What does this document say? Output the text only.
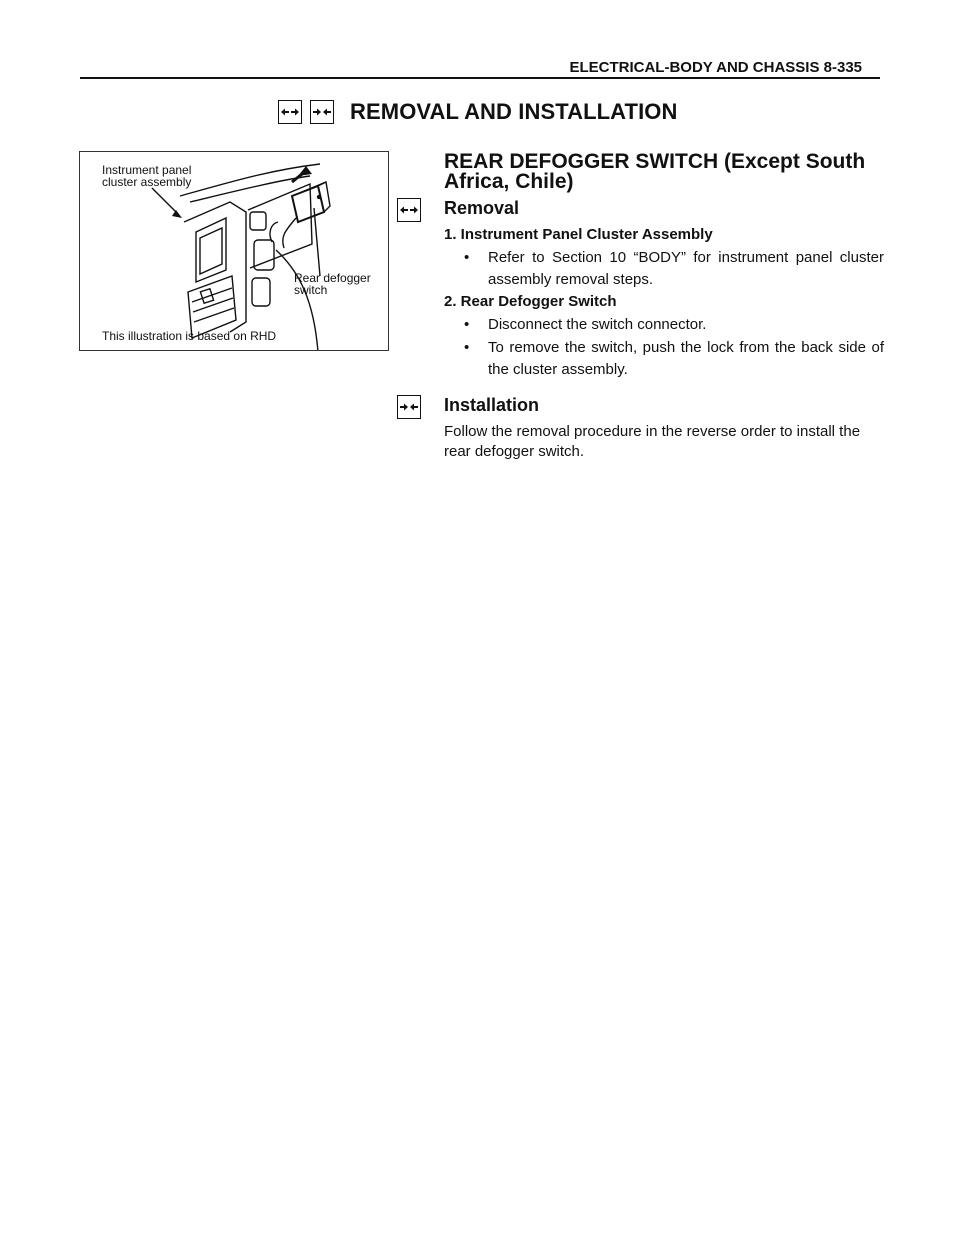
ELECTRICAL-BODY AND CHASSIS 8-335
REMOVAL AND INSTALLATION
Instrument panel
cluster assembly
Rear defogger
switch
This illustration is based on RHD
REAR DEFOGGER SWITCH (Except South Africa, Chile)
Removal
1. Instrument Panel Cluster Assembly
•	Refer to Section 10 “BODY” for instrument panel cluster assembly removal steps.
2. Rear Defogger Switch
•	Disconnect the switch connector.
•	To remove the switch, push the lock from the back side of the cluster assembly.
Installation
Follow the removal procedure in the reverse order to install the rear defogger switch.
